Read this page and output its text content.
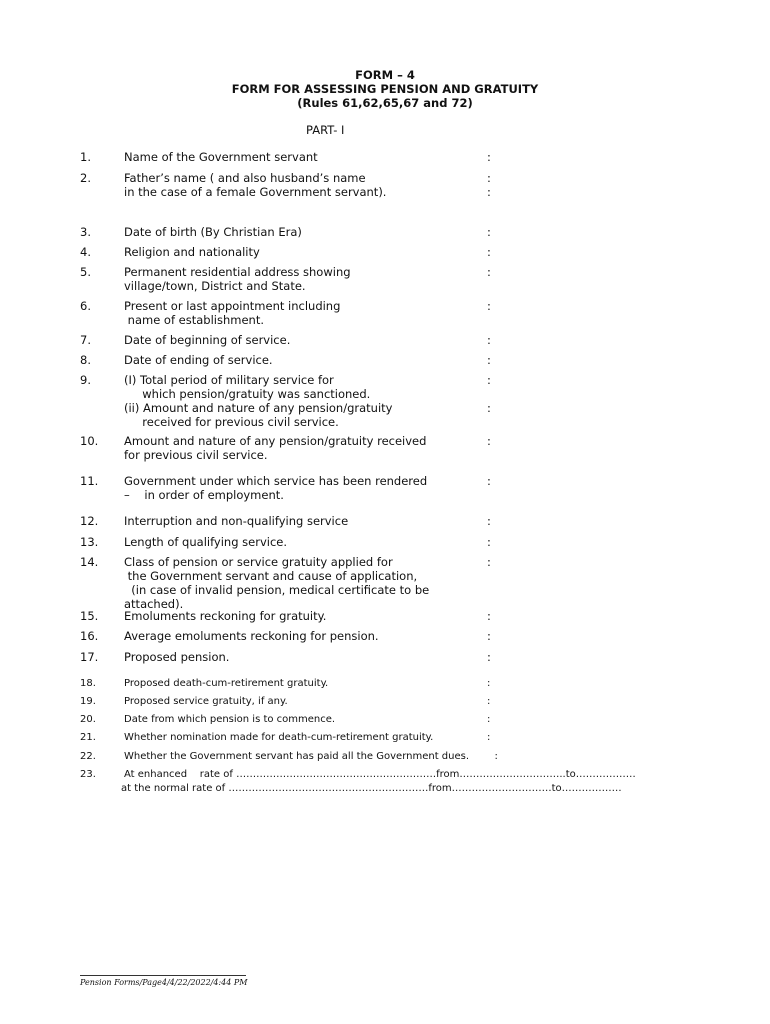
FORM – 4
FORM FOR ASSESSING PENSION AND GRATUITY
(Rules 61,62,65,67 and 72)
PART- I
1.	Name of the Government servant	:
2.	Father’s name ( and also husband’s name
in the case of a female Government servant).
:
:
3.	Date of birth (By Christian Era)	:
4.	Religion and nationality	:
5.	Permanent residential address showing
village/town, District and State.
:
6.	Present or last appointment including
name of establishment.
:
7.	Date of beginning of service.	:
8.	Date of ending of service.	:
9.	(I) Total period of military service for
which pension/gratuity was sanctioned.
(ii) Amount and nature of any pension/gratuity
received for previous civil service.
:
:
10. Amount and nature of any pension/gratuity received
for previous civil service.
:
11. Government under which service has been rendered
–    in order of employment.
:
12. Interruption and non-qualifying service	:
13. Length of qualifying service.	:
14. Class of pension or service gratuity applied for
the Government servant and cause of application,
(in case of invalid pension, medical certificate to be
attached).
:
15. Emoluments reckoning for gratuity.	:
16. Average emoluments reckoning for pension.	:
17. Proposed pension.	:
18.	Proposed death-cum-retirement gratuity.	:
19.	Proposed service gratuity, if any.	:
20.	Date from which pension is to commence.	:
21.	Whether nomination made for death-cum-retirement gratuity.	:
22.	Whether the Government servant has paid all the Government dues.        :
23.	At enhanced    rate of ……………………………………………………from…………………………..to………………
at the normal rate of ……………………………………………………from…………………………to………………
Pension Forms/Page4/4/22/2022/4:44 PM
